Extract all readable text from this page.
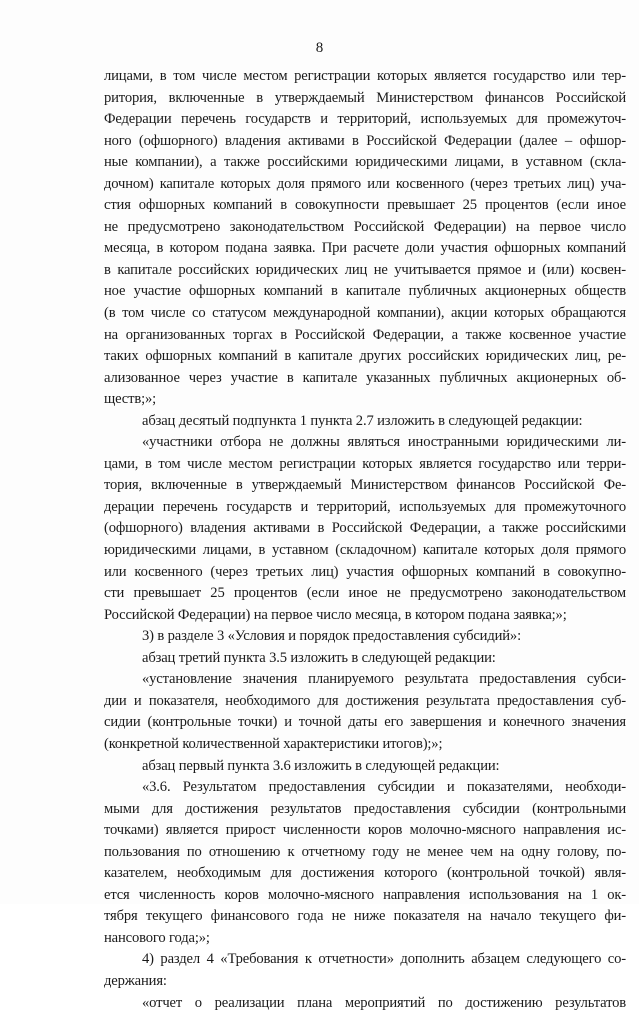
8
лицами, в том числе местом регистрации которых является государство или тер-
ритория, включенные в утверждаемый Министерством финансов Российской
Федерации перечень государств и территорий, используемых для промежуточ-
ного (офшорного) владения активами в Российской Федерации (далее – офшор-
ные компании), а также российскими юридическими лицами, в уставном (скла-
дочном) капитале которых доля прямого или косвенного (через третьих лиц) уча-
стия офшорных компаний в совокупности превышает 25 процентов (если иное
не предусмотрено законодательством Российской Федерации) на первое число
месяца, в котором подана заявка. При расчете доли участия офшорных компаний
в капитале российских юридических лиц не учитывается прямое и (или) косвен-
ное участие офшорных компаний в капитале публичных акционерных обществ
(в том числе со статусом международной компании), акции которых обращаются
на организованных торгах в Российской Федерации, а также косвенное участие
таких офшорных компаний в капитале других российских юридических лиц, ре-
ализованное через участие в капитале указанных публичных акционерных об-
ществ;»;
абзац десятый подпункта 1 пункта 2.7 изложить в следующей редакции:
«участники отбора не должны являться иностранными юридическими ли-
цами, в том числе местом регистрации которых является государство или терри-
тория, включенные в утверждаемый Министерством финансов Российской Фе-
дерации перечень государств и территорий, используемых для промежуточного
(офшорного) владения активами в Российской Федерации, а также российскими
юридическими лицами, в уставном (складочном) капитале которых доля прямого
или косвенного (через третьих лиц) участия офшорных компаний в совокупно-
сти превышает 25 процентов (если иное не предусмотрено законодательством
Российской Федерации) на первое число месяца, в котором подана заявка;»;
3) в разделе 3 «Условия и порядок предоставления субсидий»:
абзац третий пункта 3.5 изложить в следующей редакции:
«установление значения планируемого результата предоставления субси-
дии и показателя, необходимого для достижения результата предоставления суб-
сидии (контрольные точки) и точной даты его завершения и конечного значения
(конкретной количественной характеристики итогов);»;
абзац первый пункта 3.6 изложить в следующей редакции:
«3.6. Результатом предоставления субсидии и показателями, необходи-
мыми для достижения результатов предоставления субсидии (контрольными
точками) является прирост численности коров молочно-мясного направления ис-
пользования по отношению к отчетному году не менее чем на одну голову, по-
казателем, необходимым для достижения которого (контрольной точкой) явля-
ется численность коров молочно-мясного направления использования на 1 ок-
тября текущего финансового года не ниже показателя на начало текущего фи-
нансового года;»;
4) раздел 4 «Требования к отчетности» дополнить абзацем следующего со-
держания:
«отчет о реализации плана мероприятий по достижению результатов
